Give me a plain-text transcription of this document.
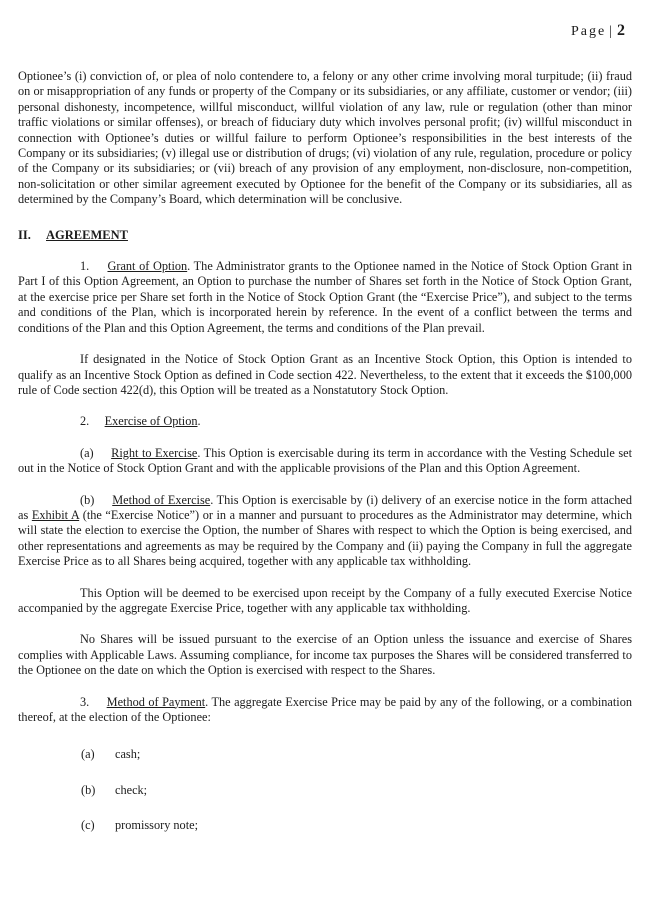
Page | 2

Optionee’s (i) conviction of, or plea of nolo contendere to, a felony or any other crime involving moral turpitude; (ii) fraud on or misappropriation of any funds or property of the Company or its subsidiaries, or any affiliate, customer or vendor; (iii) personal dishonesty, incompetence, willful misconduct, willful violation of any law, rule or regulation (other than minor traffic violations or similar offenses), or breach of fiduciary duty which involves personal profit; (iv) willful misconduct in connection with Optionee’s duties or willful failure to perform Optionee’s responsibilities in the best interests of the Company or its subsidiaries; (v) illegal use or distribution of drugs; (vi) violation of any rule, regulation, procedure or policy of the Company or its subsidiaries; or (vii) breach of any provision of any employment, non-disclosure, non-competition, non-solicitation or other similar agreement executed by Optionee for the benefit of the Company or its subsidiaries, all as determined by the Company’s Board, which determination will be conclusive.

II. AGREEMENT

1. Grant of Option. The Administrator grants to the Optionee named in the Notice of Stock Option Grant in Part I of this Option Agreement, an Option to purchase the number of Shares set forth in the Notice of Stock Option Grant, at the exercise price per Share set forth in the Notice of Stock Option Grant (the “Exercise Price”), and subject to the terms and conditions of the Plan, which is incorporated herein by reference. In the event of a conflict between the terms and conditions of the Plan and this Option Agreement, the terms and conditions of the Plan prevail.

If designated in the Notice of Stock Option Grant as an Incentive Stock Option, this Option is intended to qualify as an Incentive Stock Option as defined in Code section 422. Nevertheless, to the extent that it exceeds the $100,000 rule of Code section 422(d), this Option will be treated as a Nonstatutory Stock Option.

2. Exercise of Option.

(a) Right to Exercise. This Option is exercisable during its term in accordance with the Vesting Schedule set out in the Notice of Stock Option Grant and with the applicable provisions of the Plan and this Option Agreement.

(b) Method of Exercise. This Option is exercisable by (i) delivery of an exercise notice in the form attached as Exhibit A (the “Exercise Notice”) or in a manner and pursuant to procedures as the Administrator may determine, which will state the election to exercise the Option, the number of Shares with respect to which the Option is being exercised, and other representations and agreements as may be required by the Company and (ii) paying the Company in full the aggregate Exercise Price as to all Shares being acquired, together with any applicable tax withholding.

This Option will be deemed to be exercised upon receipt by the Company of a fully executed Exercise Notice accompanied by the aggregate Exercise Price, together with any applicable tax withholding.

No Shares will be issued pursuant to the exercise of an Option unless the issuance and exercise of Shares complies with Applicable Laws. Assuming compliance, for income tax purposes the Shares will be considered transferred to the Optionee on the date on which the Option is exercised with respect to the Shares.

3. Method of Payment. The aggregate Exercise Price may be paid by any of the following, or a combination thereof, at the election of the Optionee:

(a) cash;
(b) check;
(c) promissory note;
